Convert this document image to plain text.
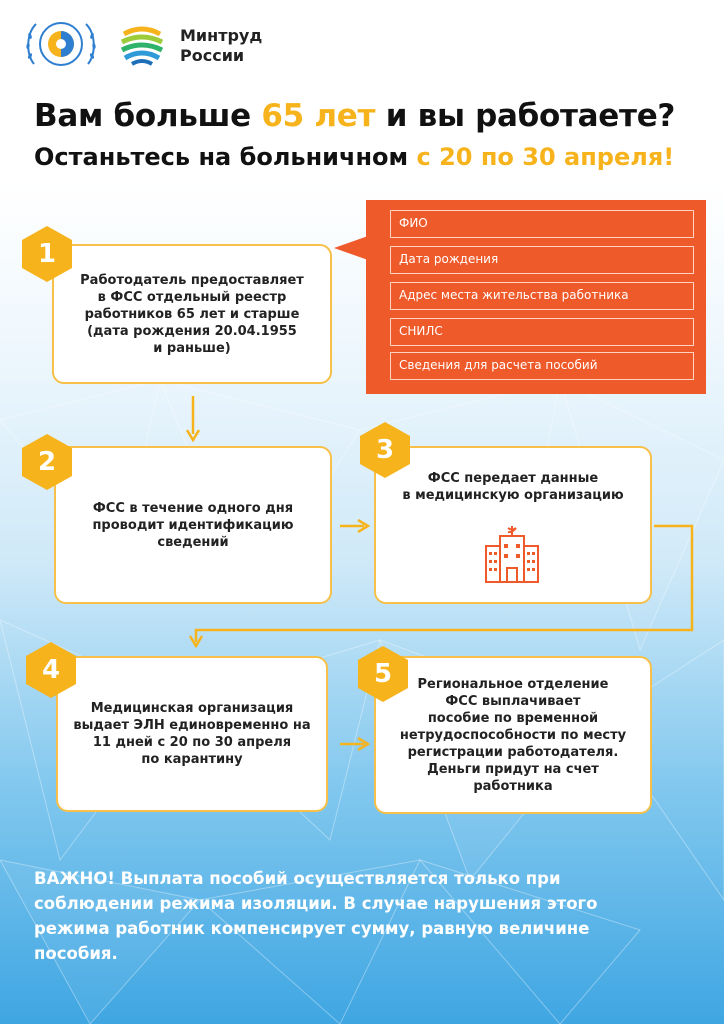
Минтруд
России
Вам больше 65 лет и вы работаете?
Останьтесь на больничном с 20 по 30 апреля!
ФИО
Дата рождения
Адрес места жительства работника
СНИЛС
Сведения для расчета пособий
Работодатель предоставляет
в ФСС отдельный реестр
работников 65 лет и старше
(дата рождения 20.04.1955
и раньше)
1
ФСС в течение одного дня
проводит идентификацию
сведений
2
ФСС передает данные
в медицинскую организацию
3
Медицинская организация
выдает ЭЛН единовременно на
11 дней с 20 по 30 апреля
по карантину
4	Региональное отделение
ФСС выплачивает
пособие по временной
нетрудоспособности по месту
регистрации работодателя.
Деньги придут на счет
работника
5
ВАЖНО! Выплата пособий осуществляется только при
соблюдении режима изоляции. В случае нарушения этого
режима работник компенсирует сумму, равную величине
пособия.
